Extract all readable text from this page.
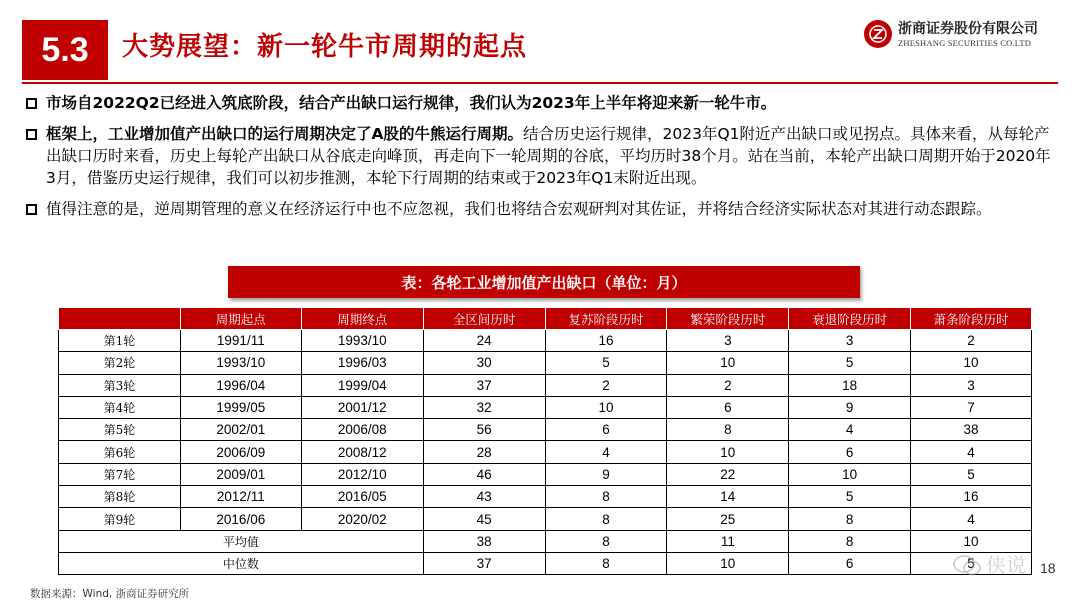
5.3	大势展望：新一轮牛市周期的起点
浙商证券股份有限公司
ZHESHANG SECURITIES CO.LTD
市场自2022Q2已经进入筑底阶段，结合产出缺口运行规律，我们认为2023年上半年将迎来新一轮牛市。
框架上，工业增加值产出缺口的运行周期决定了A股的牛熊运行周期。结合历史运行规律，2023年Q1附近产出缺口或见拐点。具体来看，从每轮产出缺口历时来看，历史上每轮产出缺口从谷底走向峰顶，再走向下一轮周期的谷底，平均历时38个月。站在当前，本轮产出缺口周期开始于2020年3月，借鉴历史运行规律，我们可以初步推测，本轮下行周期的结束或于2023年Q1末附近出现。
值得注意的是，逆周期管理的意义在经济运行中也不应忽视，我们也将结合宏观研判对其佐证，并将结合经济实际状态对其进行动态跟踪。
表：各轮工业增加值产出缺口（单位：月）
	周期起点	周期终点	全区间历时	复苏阶段历时	繁荣阶段历时	衰退阶段历时	萧条阶段历时
第1轮	1991/11	1993/10	24	16	3	3	2
第2轮	1993/10	1996/03	30	5	10	5	10
第3轮	1996/04	1999/04	37	2	2	18	3
第4轮	1999/05	2001/12	32	10	6	9	7
第5轮	2002/01	2006/08	56	6	8	4	38
第6轮	2006/09	2008/12	28	4	10	6	4
第7轮	2009/01	2012/10	46	9	22	10	5
第8轮	2012/11	2016/05	43	8	14	5	16
第9轮	2016/06	2020/02	45	8	25	8	4
平均值			38	8	11	8	10
中位数			37	8	10	6	5
数据来源：Wind, 浙商证券研究所
侠说 18
